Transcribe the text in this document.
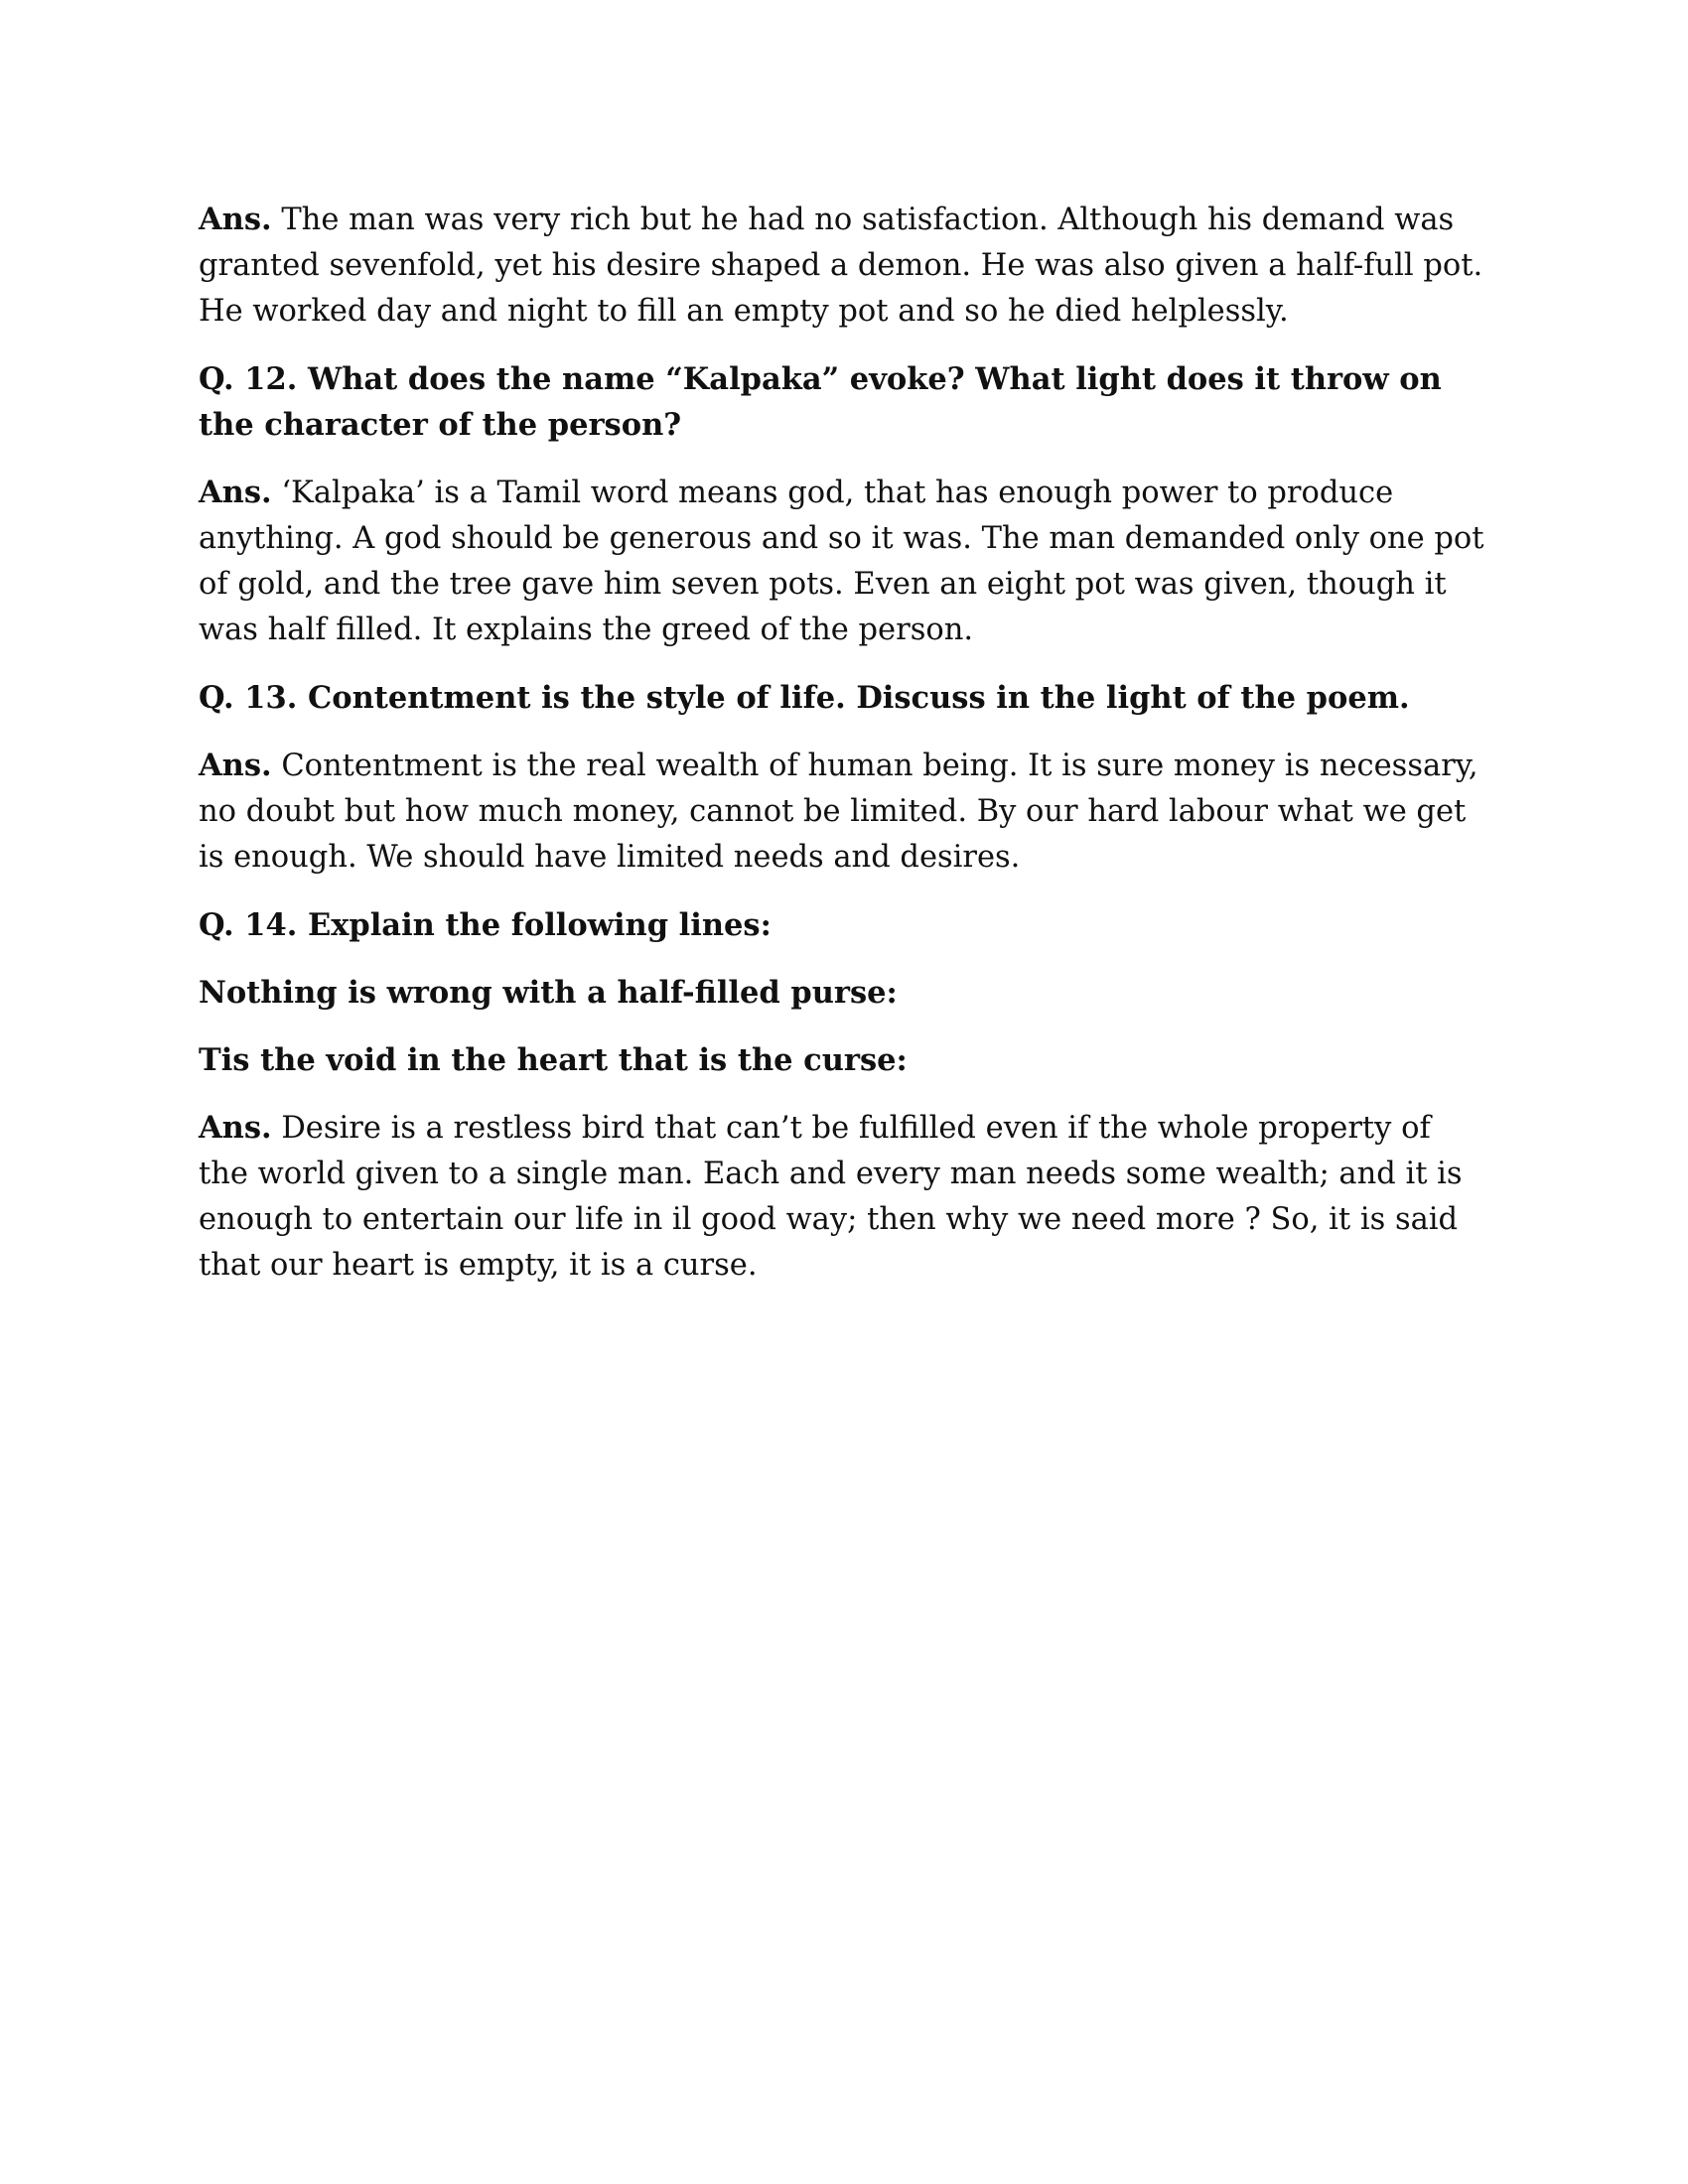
Ans. The man was very rich but he had no satisfaction. Although his demand was granted sevenfold, yet his desire shaped a demon. He was also given a half-full pot. He worked day and night to fill an empty pot and so he died helplessly.

Q. 12. What does the name “Kalpaka” evoke? What light does it throw on the character of the person?

Ans. ‘Kalpaka’ is a Tamil word means god, that has enough power to produce anything. A god should be generous and so it was. The man demanded only one pot of gold, and the tree gave him seven pots. Even an eight pot was given, though it was half filled. It explains the greed of the person.

Q. 13. Contentment is the style of life. Discuss in the light of the poem.

Ans. Contentment is the real wealth of human being. It is sure money is necessary, no doubt but how much money, cannot be limited. By our hard labour what we get is enough. We should have limited needs and desires.

Q. 14. Explain the following lines:

Nothing is wrong with a half-filled purse:

Tis the void in the heart that is the curse:

Ans. Desire is a restless bird that can’t be fulfilled even if the whole property of the world given to a single man. Each and every man needs some wealth; and it is enough to entertain our life in il good way; then why we need more ? So, it is said that our heart is empty, it is a curse.
